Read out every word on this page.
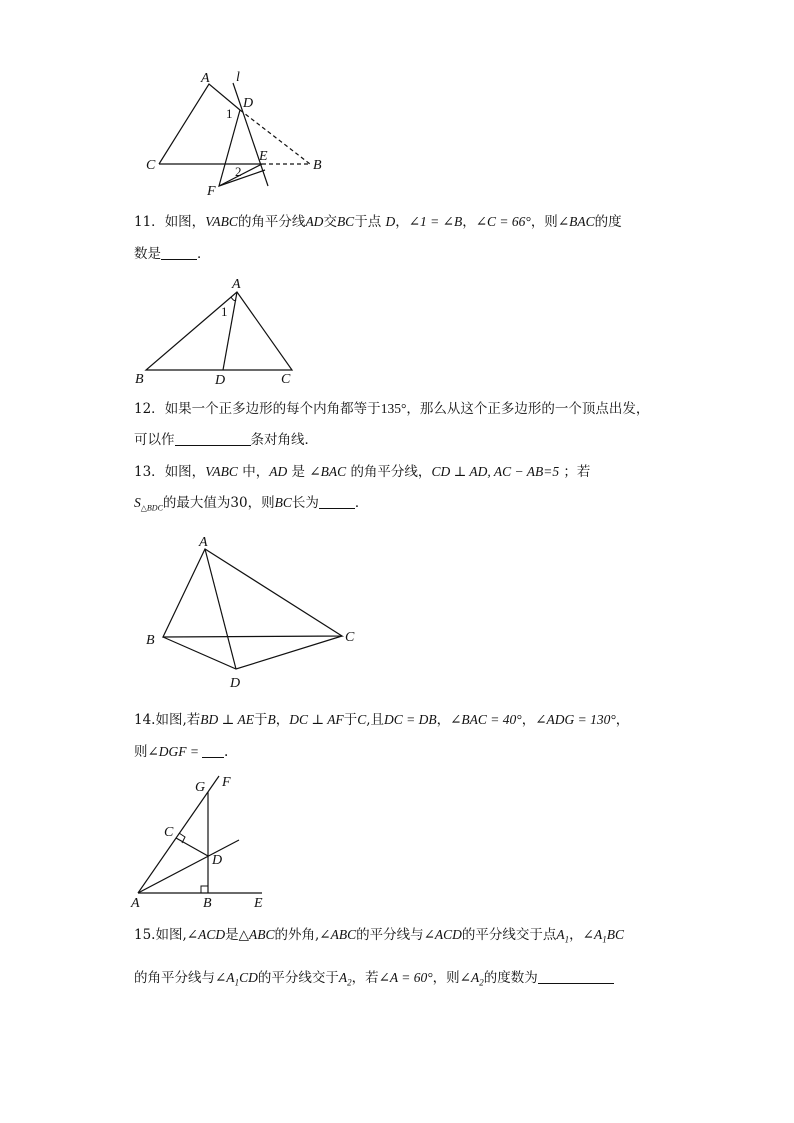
A l
D
1
E
C	B
2
F
11．如图，VABC的角平分线AD交BC于点 D，∠1 = ∠B，∠C = 66°，则∠BAC的度
数是	．
A
1
B	D	C
12．如果一个正多边形的每个内角都等于135°，那么从这个正多边形的一个顶点出发，
可以作	条对角线．
13．如图，VABC 中，AD 是 ∠BAC 的角平分线，CD ⊥ AD, AC − AB=5 ；若
$S_{\triangle BDC}$的最大值为30，则BC长为	．
A
B	C
D
14.如图,若BD ⊥ AE于B，DC ⊥ AF于C,且DC = DB，∠BAC = 40°，∠ADG = 130°，
则∠DGF = .
G F
C
D
A	B	E
15.如图,∠ACD是△ABC的外角,∠ABC的平分线与∠ACD的平分线交于点$A_1$，$\angle A_1BC$
的角平分线与$\angle A_1CD$的平分线交于$A_2$，若∠A = 60°，则$\angle A_2$的度数为
